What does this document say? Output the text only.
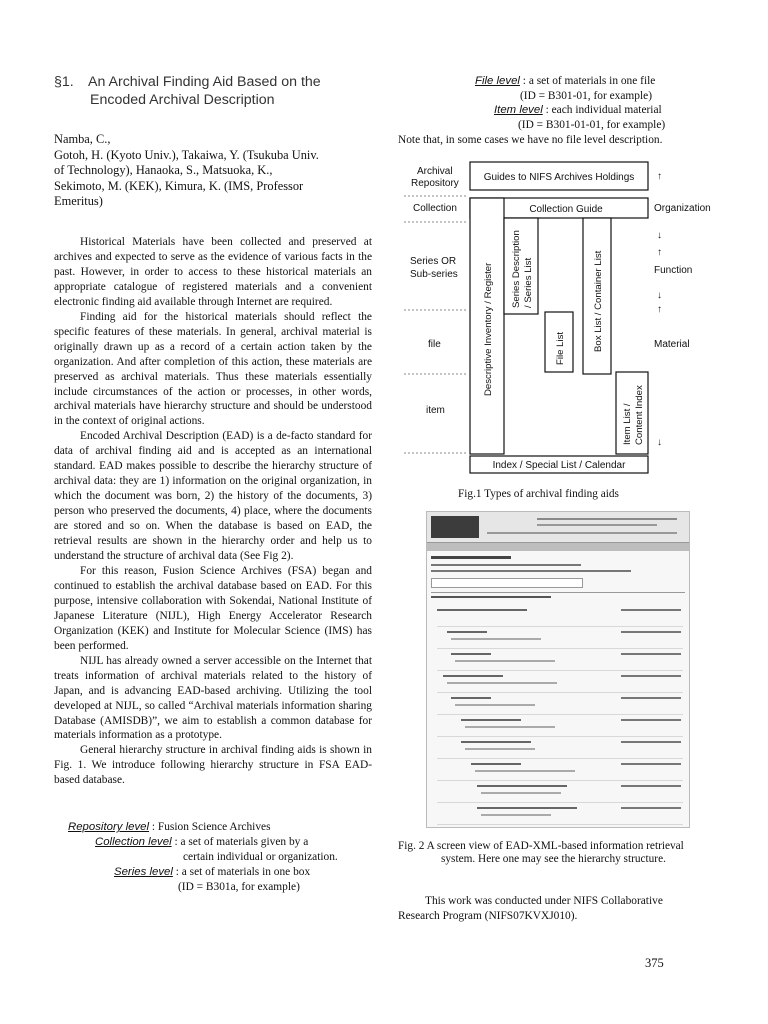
§1. An Archival Finding Aid Based on the
Encoded Archival Description
Namba, C.,
Gotoh, H. (Kyoto Univ.), Takaiwa, Y. (Tsukuba Univ.
of Technology), Hanaoka, S., Matsuoka, K.,
Sekimoto, M. (KEK), Kimura, K. (IMS, Professor
Emeritus)

Historical Materials have been collected and preserved at archives and expected to serve as the evidence of various facts in the past. However, in order to access to these historical materials an appropriate catalogue of registered materials and a convenient electronic finding aid available through Internet are required.

Finding aid for the historical materials should reflect the specific features of these materials. In general, archival material is originally drawn up as a record of a certain action taken by the organization. And after completion of this action, these materials are preserved as archival materials. Thus these materials essentially include circumstances of the action or processes, in other words, archival materials have hierarchy structure and should be understood in the context of original actions.

Encoded Archival Description (EAD) is a de-facto standard for data of archival finding aid and is accepted as an international standard. EAD makes possible to describe the hierarchy structure of archival data: they are 1) information on the original organization, in which the document was born, 2) the history of the documents, 3) person who preserved the documents, 4) place, where the documents are stored and so on. When the database is based on EAD, the retrieval results are shown in the hierarchy order and help us to understand the structure of archival data (See Fig 2).

For this reason, Fusion Science Archives (FSA) began and continued to establish the archival database based on EAD. For this purpose, intensive collaboration with Sokendai, National Institute of Japanese Literature (NIJL), High Energy Accelerator Research Organization (KEK) and Institute for Molecular Science (IMS) has been performed.

NIJL has already owned a server accessible on the Internet that treats information of archival materials related to the history of Japan, and is advancing EAD-based archiving. Utilizing the tool developed at NIJL, so called “Archival materials information sharing Database (AMISDB)”, we aim to establish a common database for materials information as a prototype.

General hierarchy structure in archival finding aids is shown in Fig. 1. We introduce following hierarchy structure in FSA EAD-based database.

Repository level : Fusion Science Archives
Collection level : a set of materials given by a
certain individual or organization.
Series level : a set of materials in one box
(ID = B301a, for example)
File level : a set of materials in one file
(ID = B301-01, for example)
Item level : each individual material
(ID = B301-01-01, for example)
Note that, in some cases we have no file level description.
Archival
Repository
Collection
Series OR
Sub-series
file
item
Guides to NIFS Archives Holdings
Collection Guide
Descriptive Inventory / Register Series Description / Series List
File List	Box List / Container List
Item List / Content Index
Index / Special List / Calendar
Organization
Function
Material
↑
↓
↑
↓
↑
↓
Fig.1 Types of archival finding aids
Fig. 2 A screen view of EAD-XML-based information retrieval
system. Here one may see the hierarchy structure.
This work was conducted under NIFS Collaborative
Research Program (NIFS07KVXJ010).
375
